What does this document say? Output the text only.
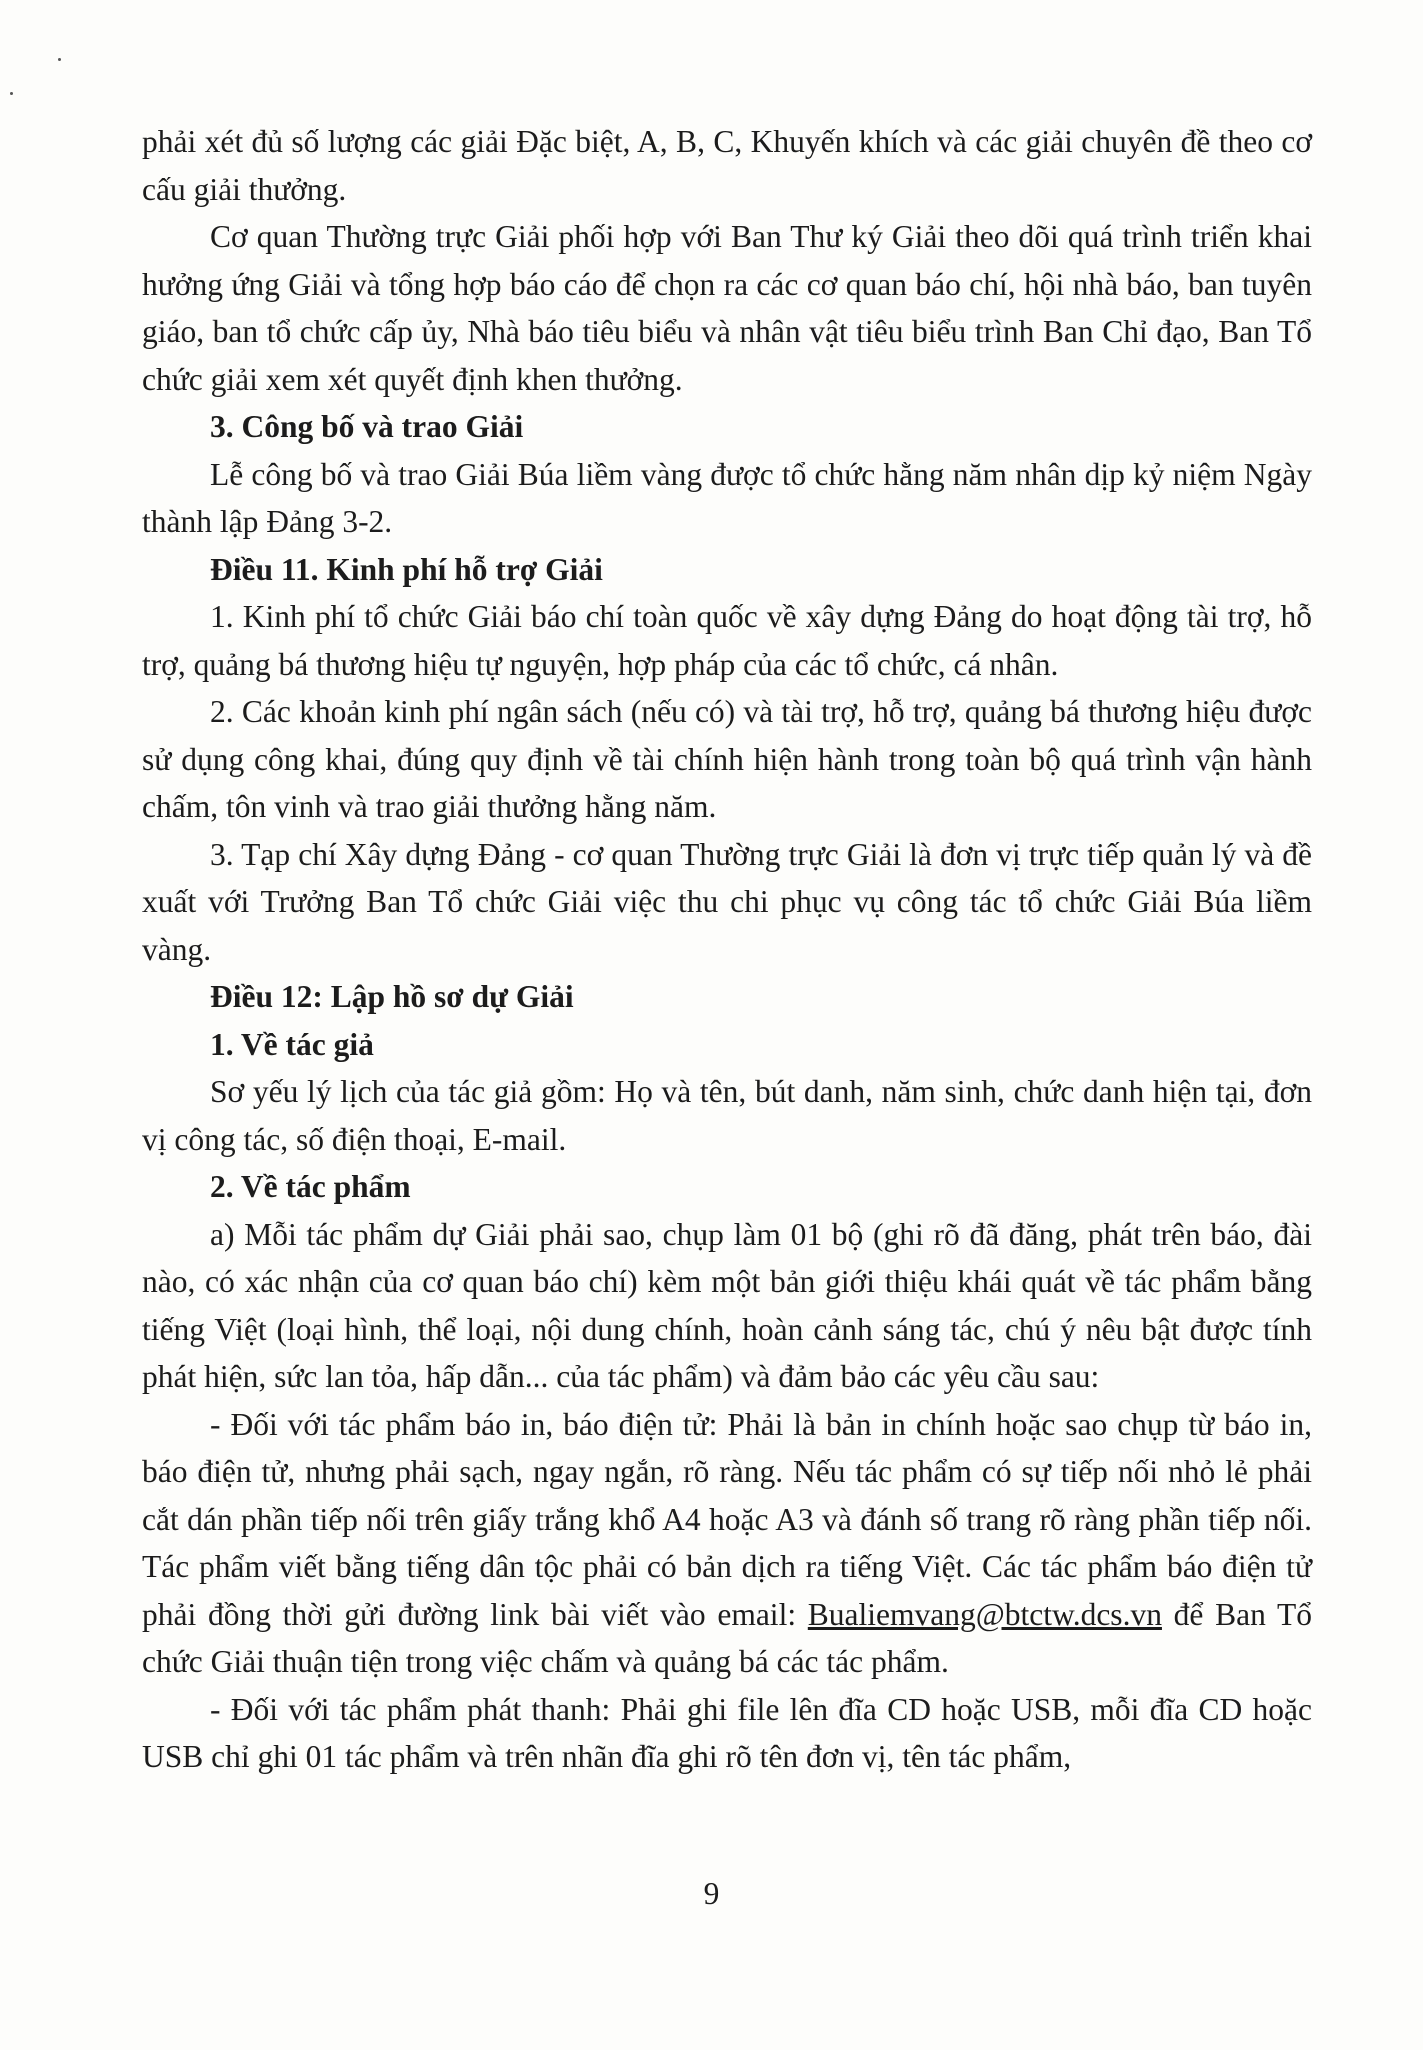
phải xét đủ số lượng các giải Đặc biệt, A, B, C, Khuyến khích và các giải chuyên đề theo cơ cấu giải thưởng.

Cơ quan Thường trực Giải phối hợp với Ban Thư ký Giải theo dõi quá trình triển khai hưởng ứng Giải và tổng hợp báo cáo để chọn ra các cơ quan báo chí, hội nhà báo, ban tuyên giáo, ban tổ chức cấp ủy, Nhà báo tiêu biểu và nhân vật tiêu biểu trình Ban Chỉ đạo, Ban Tổ chức giải xem xét quyết định khen thưởng.

3. Công bố và trao Giải

Lễ công bố và trao Giải Búa liềm vàng được tổ chức hằng năm nhân dịp kỷ niệm Ngày thành lập Đảng 3-2.

Điều 11. Kinh phí hỗ trợ Giải

1. Kinh phí tổ chức Giải báo chí toàn quốc về xây dựng Đảng do hoạt động tài trợ, hỗ trợ, quảng bá thương hiệu tự nguyện, hợp pháp của các tổ chức, cá nhân.

2. Các khoản kinh phí ngân sách (nếu có) và tài trợ, hỗ trợ, quảng bá thương hiệu được sử dụng công khai, đúng quy định về tài chính hiện hành trong toàn bộ quá trình vận hành chấm, tôn vinh và trao giải thưởng hằng năm.

3. Tạp chí Xây dựng Đảng - cơ quan Thường trực Giải là đơn vị trực tiếp quản lý và đề xuất với Trưởng Ban Tổ chức Giải việc thu chi phục vụ công tác tổ chức Giải Búa liềm vàng.

Điều 12: Lập hồ sơ dự Giải

1. Về tác giả

Sơ yếu lý lịch của tác giả gồm: Họ và tên, bút danh, năm sinh, chức danh hiện tại, đơn vị công tác, số điện thoại, E-mail.

2. Về tác phẩm

a) Mỗi tác phẩm dự Giải phải sao, chụp làm 01 bộ (ghi rõ đã đăng, phát trên báo, đài nào, có xác nhận của cơ quan báo chí) kèm một bản giới thiệu khái quát về tác phẩm bằng tiếng Việt (loại hình, thể loại, nội dung chính, hoàn cảnh sáng tác, chú ý nêu bật được tính phát hiện, sức lan tỏa, hấp dẫn... của tác phẩm) và đảm bảo các yêu cầu sau:

- Đối với tác phẩm báo in, báo điện tử: Phải là bản in chính hoặc sao chụp từ báo in, báo điện tử, nhưng phải sạch, ngay ngắn, rõ ràng. Nếu tác phẩm có sự tiếp nối nhỏ lẻ phải cắt dán phần tiếp nối trên giấy trắng khổ A4 hoặc A3 và đánh số trang rõ ràng phần tiếp nối. Tác phẩm viết bằng tiếng dân tộc phải có bản dịch ra tiếng Việt. Các tác phẩm báo điện tử phải đồng thời gửi đường link bài viết vào email: Bualiemvang@btctw.dcs.vn để Ban Tổ chức Giải thuận tiện trong việc chấm và quảng bá các tác phẩm.

- Đối với tác phẩm phát thanh: Phải ghi file lên đĩa CD hoặc USB, mỗi đĩa CD hoặc USB chỉ ghi 01 tác phẩm và trên nhãn đĩa ghi rõ tên đơn vị, tên tác phẩm,

9
